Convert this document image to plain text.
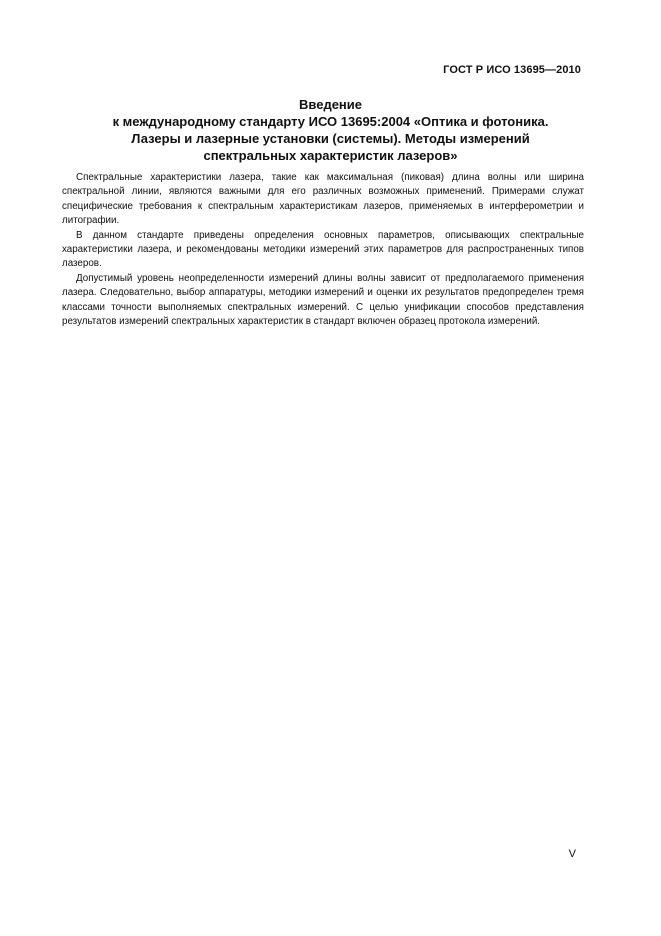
ГОСТ Р ИСО 13695—2010
Введение
к международному стандарту ИСО 13695:2004 «Оптика и фотоника.
Лазеры и лазерные установки (системы). Методы измерений
спектральных характеристик лазеров»

Спектральные характеристики лазера, такие как максимальная (пиковая) длина волны или ширина спектральной линии, являются важными для его различных возможных применений. Примерами служат специфические требования к спектральным характеристикам лазеров, применяемых в интерферометрии и литографии.

В данном стандарте приведены определения основных параметров, описывающих спектральные характеристики лазера, и рекомендованы методики измерений этих параметров для распространенных типов лазеров.

Допустимый уровень неопределенности измерений длины волны зависит от предполагаемого применения лазера. Следовательно, выбор аппаратуры, методики измерений и оценки их результатов предопределен тремя классами точности выполняемых спектральных измерений. С целью унификации способов представления результатов измерений спектральных характеристик в стандарт включен образец протокола измерений.

V
